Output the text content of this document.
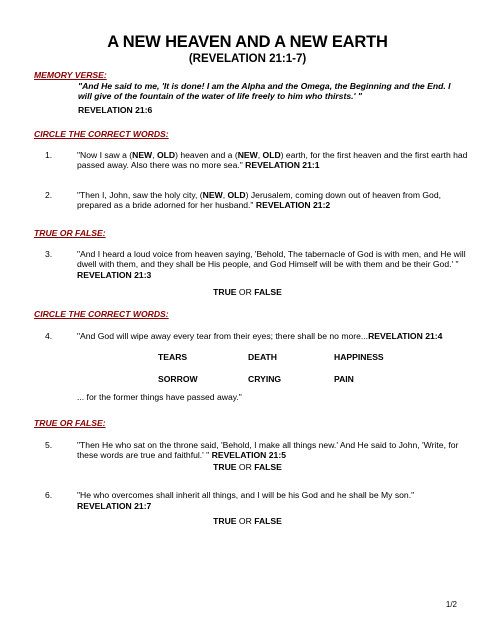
A NEW HEAVEN AND A NEW EARTH
(REVELATION 21:1-7)
MEMORY VERSE:
"And He said to me, 'It is done! I am the Alpha and the Omega, the Beginning and the End. I will give of the fountain of the water of life freely to him who thirsts.' "
REVELATION 21:6
CIRCLE THE CORRECT WORDS:
1.	"Now I saw a (NEW, OLD) heaven and a (NEW, OLD) earth, for the first heaven and the first earth had passed away. Also there was no more sea." REVELATION 21:1
2.	"Then I, John, saw the holy city, (NEW, OLD) Jerusalem, coming down out of heaven from God, prepared as a bride adorned for her husband." REVELATION 21:2
TRUE OR FALSE:
3.	"And I heard a loud voice from heaven saying, 'Behold, The tabernacle of God is with men, and He will dwell with them, and they shall be His people, and God Himself will be with them and be their God.' " REVELATION 21:3
TRUE OR FALSE
CIRCLE THE CORRECT WORDS:
4.	"And God will wipe away every tear from their eyes; there shall be no more...REVELATION 21:4
TEARS	DEATH	HAPPINESS
SORROW	CRYING	PAIN
... for the former things have passed away."
TRUE OR FALSE:
5.	"Then He who sat on the throne said, 'Behold, I make all things new.' And He said to John, 'Write, for these words are true and faithful.' " REVELATION 21:5
TRUE OR FALSE
6.	"He who overcomes shall inherit all things, and I will be his God and he shall be My son."
REVELATION 21:7
TRUE OR FALSE
1/2
